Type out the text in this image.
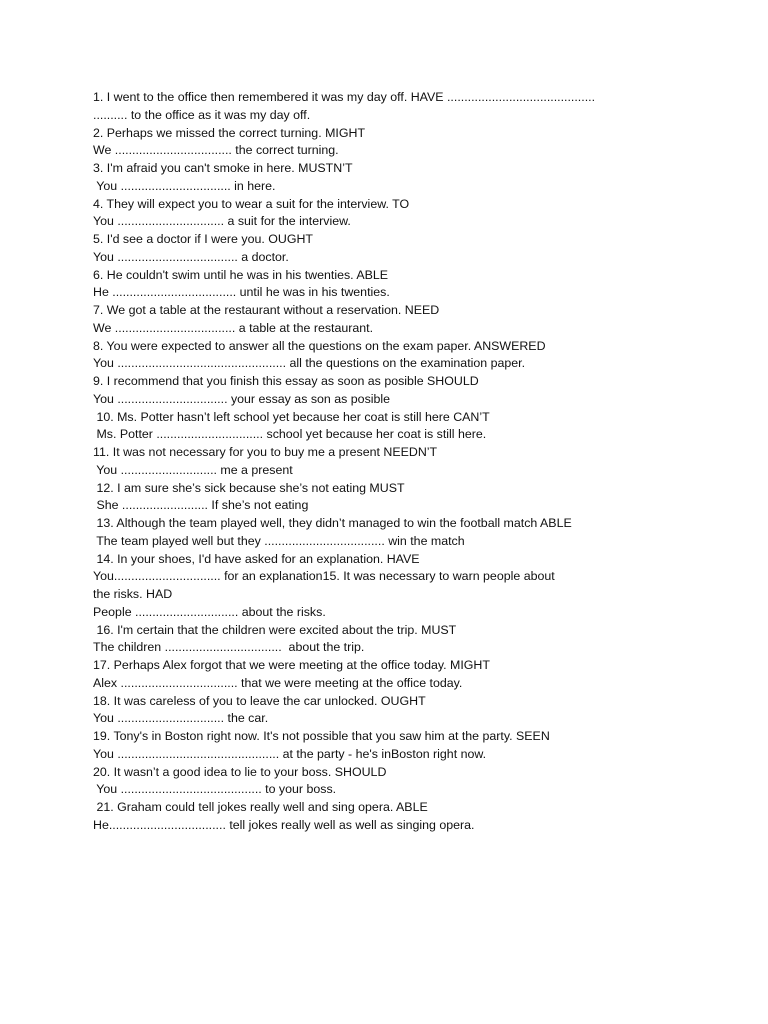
1. I went to the office then remembered it was my day off. HAVE ...........................................
.......... to the office as it was my day off.
2. Perhaps we missed the correct turning. MIGHT
We .................................. the correct turning.
3. I'm afraid you can't smoke in here. MUSTN’T
You ................................ in here.
4. They will expect you to wear a suit for the interview. TO
You ............................... a suit for the interview.
5. I'd see a doctor if I were you. OUGHT
You ................................... a doctor.
6. He couldn't swim until he was in his twenties. ABLE
He .................................... until he was in his twenties.
7. We got a table at the restaurant without a reservation. NEED
We ................................... a table at the restaurant.
8. You were expected to answer all the questions on the exam paper. ANSWERED
You ................................................. all the questions on the examination paper.
9. I recommend that you finish this essay as soon as posible SHOULD
You ................................ your essay as son as posible
10. Ms. Potter hasn’t left school yet because her coat is still here CAN’T
Ms. Potter ............................... school yet because her coat is still here.
11. It was not necessary for you to buy me a present NEEDN’T
You ............................ me a present
12. I am sure she’s sick because she’s not eating MUST
She ......................... If she’s not eating
13. Although the team played well, they didn’t managed to win the football match ABLE
The team played well but they ................................... win the match
14. In your shoes, I'd have asked for an explanation. HAVE
You............................... for an explanation15. It was necessary to warn people about
the risks. HAD
People .............................. about the risks.
16. I'm certain that the children were excited about the trip. MUST
The children ..................................  about the trip.
17. Perhaps Alex forgot that we were meeting at the office today. MIGHT
Alex .................................. that we were meeting at the office today.
18. It was careless of you to leave the car unlocked. OUGHT
You ............................... the car.
19. Tony's in Boston right now. It's not possible that you saw him at the party. SEEN
You ............................................... at the party - he's inBoston right now.
20. It wasn’t a good idea to lie to your boss. SHOULD
You ......................................... to your boss.
21. Graham could tell jokes really well and sing opera. ABLE
He.................................. tell jokes really well as well as singing opera.
